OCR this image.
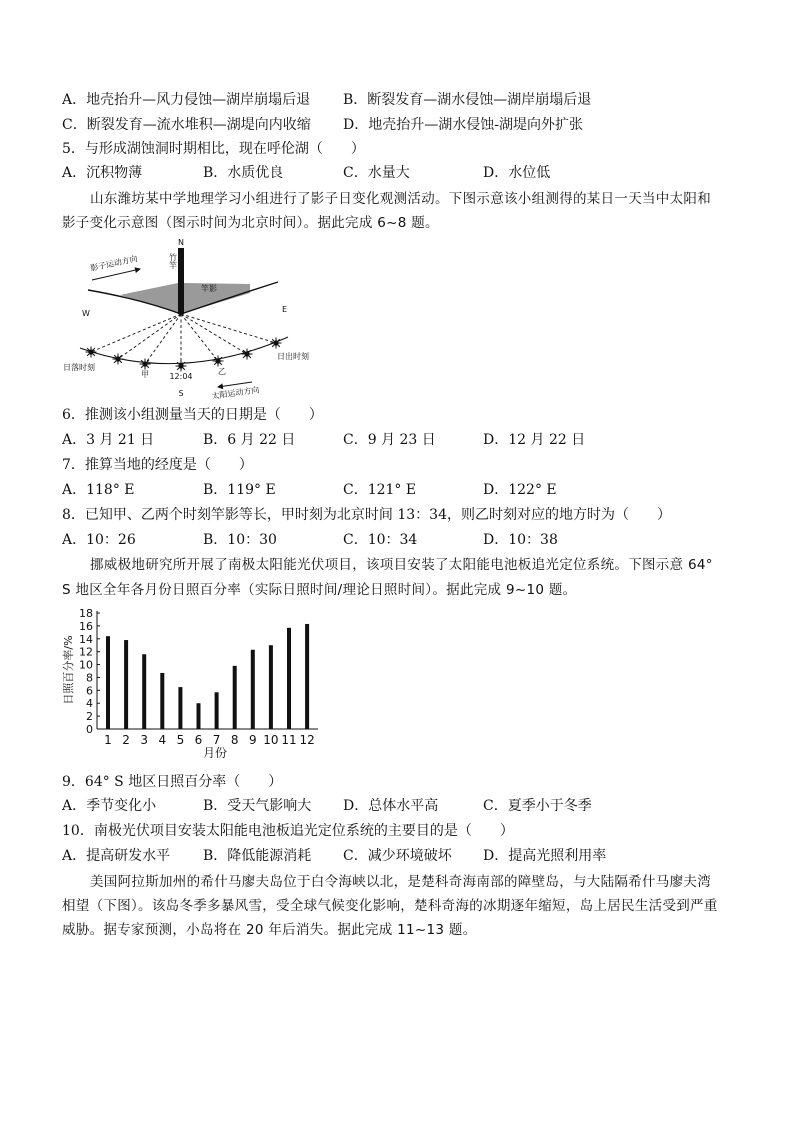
A．地壳抬升—风力侵蚀—湖岸崩塌后退 B．断裂发育—湖水侵蚀—湖岸崩塌后退
C．断裂发育—流水堆积—湖堤向内收缩 D．地壳抬升—湖水侵蚀-湖堤向外扩张
5．与形成湖蚀洞时期相比，现在呼伦湖（　　）
A．沉积物薄	B．水质优良	C．水量大	D．水位低
山东潍坊某中学地理学习小组进行了影子日变化观测活动。下图示意该小组测得的某日一天当中太阳和
影子变化示意图（图示时间为北京时间）。据此完成 6~8 题。
N
竹竿
影子运动方向
竿影
E
W
日落时刻
甲	12:04
乙
日出时刻
S	太阳运动方向
6．推测该小组测量当天的日期是（　　）
A．3 月 21 日	B．6 月 22 日	C．9 月 23 日	D．12 月 22 日
7．推算当地的经度是（　　）
A．118° E	B．119° E	C．121° E	D．122° E
8．已知甲、乙两个时刻竿影等长，甲时刻为北京时间 13：34，则乙时刻对应的地方时为（　　）
A．10：26	B．10：30	C．10：34	D．10：38
挪威极地研究所开展了南极太阳能光伏项目，该项目安装了太阳能电池板追光定位系统。下图示意 64°
S 地区全年各月份日照百分率（实际日照时间/理论日照时间）。据此完成 9~10 题。
0
2
4
6
8
10
12
14
16
18
1 2 3 4 5 6 7 8 9 10 11 12
日照百分率/%
月份
9．64° S 地区日照百分率（　　）
A．季节变化小	B．受天气影响大 D．总体水平高	C．夏季小于冬季
10．南极光伏项目安装太阳能电池板追光定位系统的主要目的是（　　）
A．提高研发水平 B．降低能源消耗 C．减少环境破坏 D．提高光照利用率
美国阿拉斯加州的希什马廖夫岛位于白令海峡以北，是楚科奇海南部的障壁岛，与大陆隔希什马廖夫湾
相望（下图）。该岛冬季多暴风雪，受全球气候变化影响，楚科奇海的冰期逐年缩短，岛上居民生活受到严重
威胁。据专家预测，小岛将在 20 年后消失。据此完成 11~13 题。
